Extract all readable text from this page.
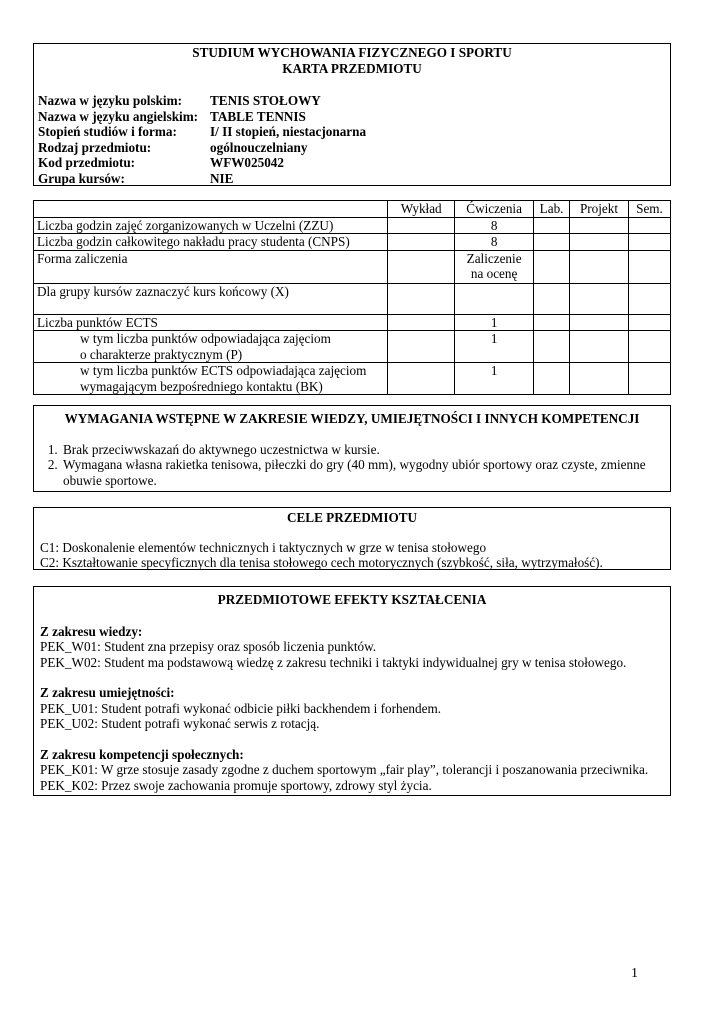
STUDIUM WYCHOWANIA FIZYCZNEGO I SPORTU
KARTA PRZEDMIOTU
Nazwa w języku polskim:	TENIS STOŁOWY
Nazwa w języku angielskim: TABLE TENNIS
Stopień studiów i forma:	I/ II stopień, niestacjonarna
Rodzaj przedmiotu:	ogólnouczelniany
Kod przedmiotu:	WFW025042
Grupa kursów:	NIE
	Wykład	Ćwiczenia	Lab.	Projekt	Sem.
Liczba godzin zajęć zorganizowanych w Uczelni (ZZU)		8			
Liczba godzin całkowitego nakładu pracy studenta (CNPS)		8			
Forma zaliczenia		Zaliczenie
na ocenę			

Dla grupy kursów zaznaczyć kurs końcowy (X)					
Liczba punktów ECTS		1			

w tym liczba punktów odpowiadająca zajęciom
o charakterze praktycznym (P)		1			

w tym liczba punktów ECTS odpowiadająca zajęciom
wymagającym bezpośredniego kontaktu (BK)		1			
WYMAGANIA WSTĘPNE W ZAKRESIE WIEDZY, UMIEJĘTNOŚCI I INNYCH KOMPETENCJI
1. Brak przeciwwskazań do aktywnego uczestnictwa w kursie.
2. Wymagana własna rakietka tenisowa, piłeczki do gry (40 mm), wygodny ubiór sportowy oraz czyste, zmienne obuwie sportowe.
CELE PRZEDMIOTU
C1: Doskonalenie elementów technicznych i taktycznych w grze w tenisa stołowego
C2: Kształtowanie specyficznych dla tenisa stołowego cech motorycznych (szybkość, siła, wytrzymałość).
PRZEDMIOTOWE EFEKTY KSZTAŁCENIA
Z zakresu wiedzy:
PEK_W01: Student zna przepisy oraz sposób liczenia punktów.
PEK_W02: Student ma podstawową wiedzę z zakresu techniki i taktyki indywidualnej gry w tenisa stołowego.
Z zakresu umiejętności:
PEK_U01: Student potrafi wykonać odbicie piłki backhendem i forhendem.
PEK_U02: Student potrafi wykonać serwis z rotacją.
Z zakresu kompetencji społecznych:
PEK_K01: W grze stosuje zasady zgodne z duchem sportowym „fair play”, tolerancji i poszanowania przeciwnika.
PEK_K02: Przez swoje zachowania promuje sportowy, zdrowy styl życia.
1
